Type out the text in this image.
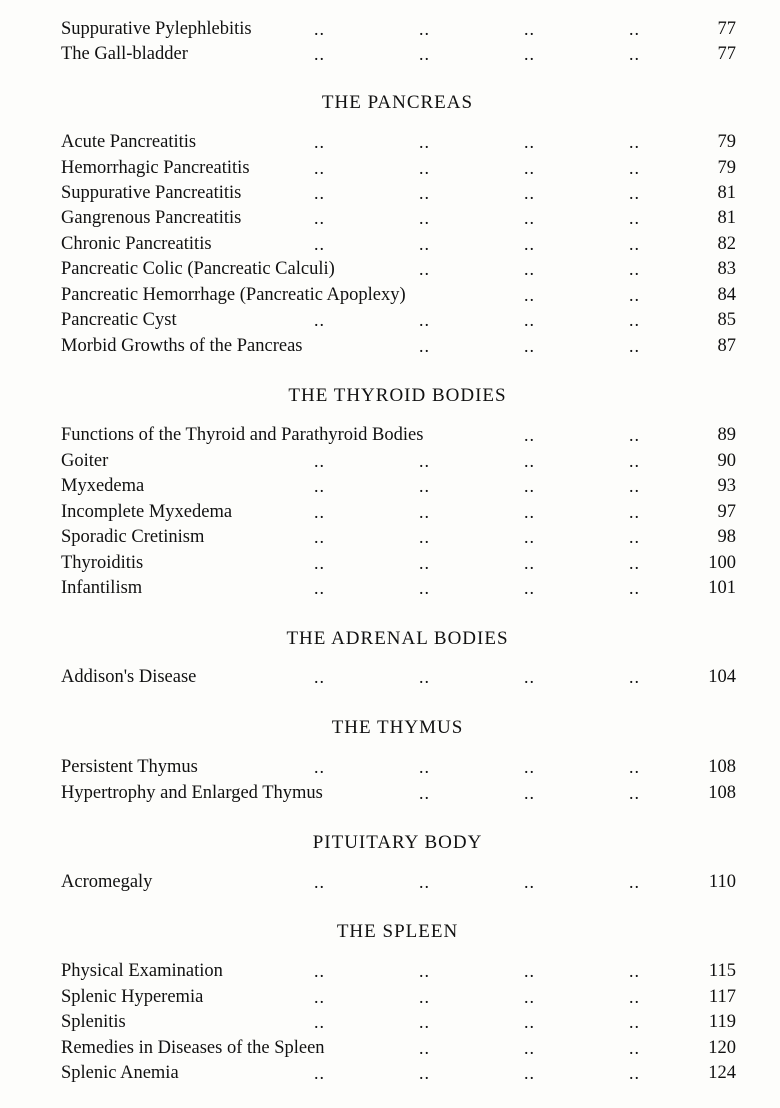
Suppurative Pylephlebitis	..	..	..	..	77
The Gall-bladder	..	..	..	..	77
THE PANCREAS
Acute Pancreatitis	..	..	..	..	79
Hemorrhagic Pancreatitis	..	..	..	..	79
Suppurative Pancreatitis	..	..	..	..	81
Gangrenous Pancreatitis	..	..	..	..	81
Chronic Pancreatitis	..	..	..	..	82
Pancreatic Colic (Pancreatic Calculi)	..	..	..	83
Pancreatic Hemorrhage (Pancreatic Apoplexy)	..	..	84
Pancreatic Cyst	..	..	..	..	85
Morbid Growths of the Pancreas	..	..	..	87
THE THYROID BODIES
Functions of the Thyroid and Parathyroid Bodies	..	..	89
Goiter	..	..	..	..	90
Myxedema	..	..	..	..	93
Incomplete Myxedema	..	..	..	..	97
Sporadic Cretinism	..	..	..	..	98
Thyroiditis	..	..	..	..	100
Infantilism	..	..	..	..	101
THE ADRENAL BODIES
Addison's Disease	..	..	..	..	104
THE THYMUS
Persistent Thymus	..	..	..	..	108
Hypertrophy and Enlarged Thymus	..	..	..	108
PITUITARY BODY
Acromegaly	..	..	..	..	110
THE SPLEEN
Physical Examination	..	..	..	..	115
Splenic Hyperemia	..	..	..	..	117
Splenitis	..	..	..	..	119
Remedies in Diseases of the Spleen	..	..	..	120
Splenic Anemia	..	..	..	..	124
